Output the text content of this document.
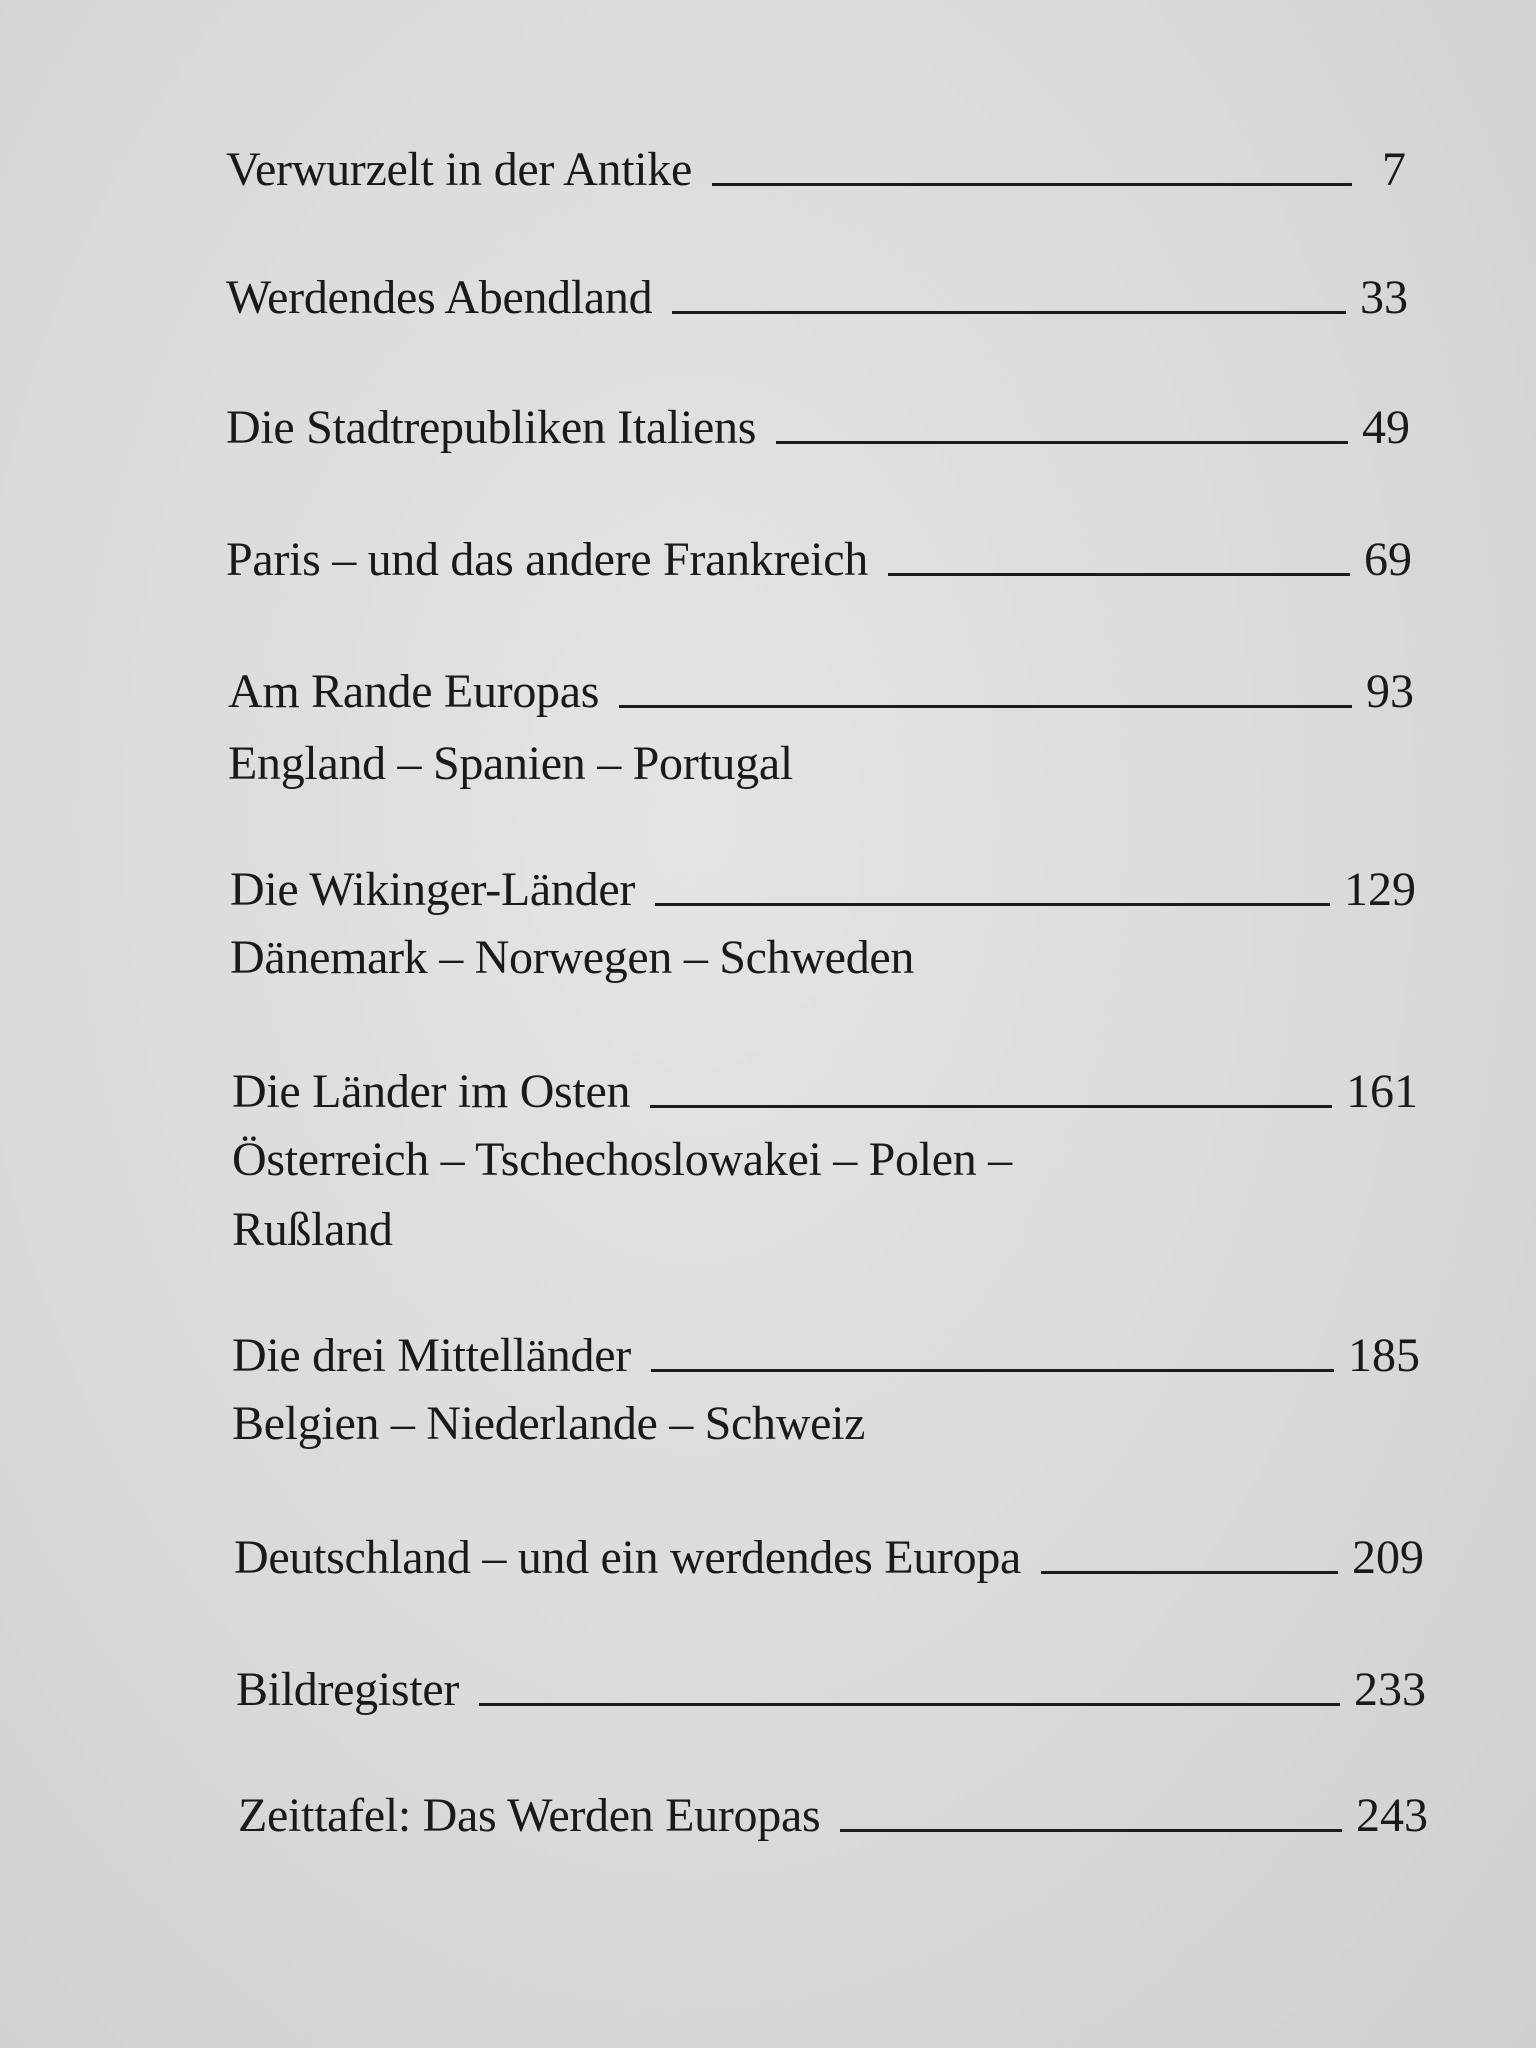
Verwurzelt in der Antike	7
Werdendes Abendland	33
Die Stadtrepubliken Italiens	49
Paris – und das andere Frankreich	69
Am Rande Europas	93
England – Spanien – Portugal
Die Wikinger-Länder	129
Dänemark – Norwegen – Schweden
Die Länder im Osten	161
Österreich – Tschechoslowakei – Polen –
Rußland
Die drei Mittelländer	185
Belgien – Niederlande – Schweiz
Deutschland – und ein werdendes Europa	209
Bildregister	233
Zeittafel: Das Werden Europas	243
